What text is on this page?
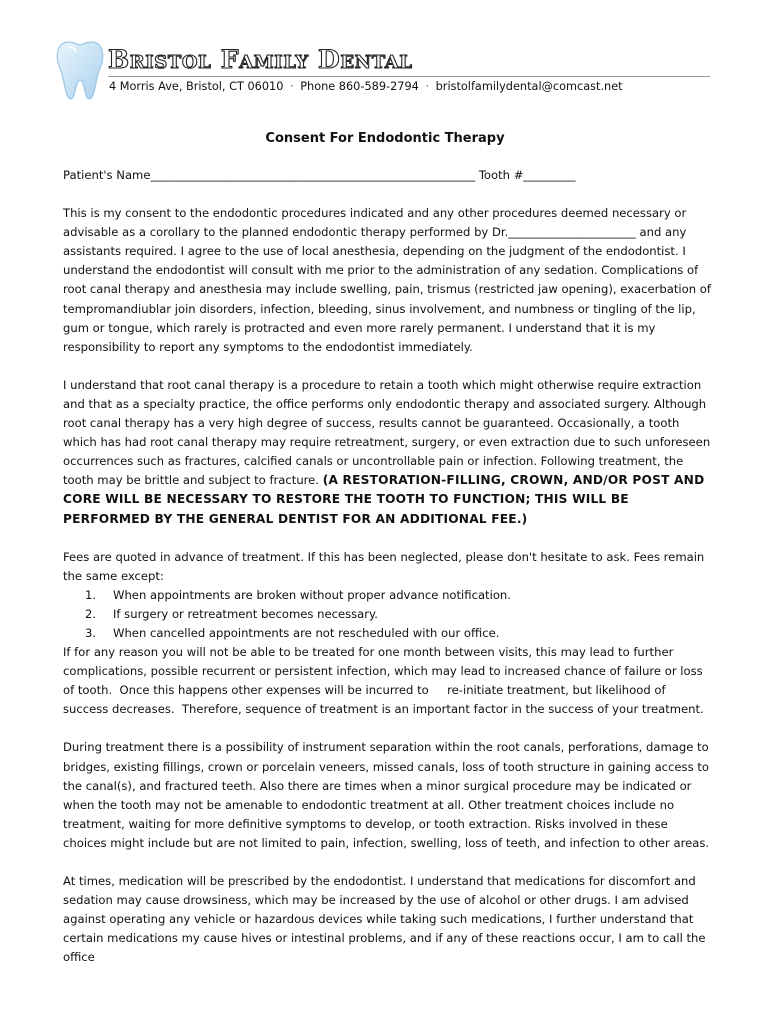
Bristol Family Dental
4 Morris Ave, Bristol, CT 06010 · Phone 860-589-2794 · bristolfamilydental@comcast.net
Consent For Endodontic Therapy

Patient's Name________________________________________________________ Tooth #_________

This is my consent to the endodontic procedures indicated and any other procedures deemed necessary or advisable as a corollary to the planned endodontic therapy performed by Dr.______________________ and any assistants required. I agree to the use of local anesthesia, depending on the judgment of the endodontist. I understand the endodontist will consult with me prior to the administration of any sedation. Complications of root canal therapy and anesthesia may include swelling, pain, trismus (restricted jaw opening), exacerbation of tempromandiublar join disorders, infection, bleeding, sinus involvement, and numbness or tingling of the lip, gum or tongue, which rarely is protracted and even more rarely permanent. I understand that it is my responsibility to report any symptoms to the endodontist immediately.

I understand that root canal therapy is a procedure to retain a tooth which might otherwise require extraction and that as a specialty practice, the office performs only endodontic therapy and associated surgery. Although root canal therapy has a very high degree of success, results cannot be guaranteed. Occasionally, a tooth which has had root canal therapy may require retreatment, surgery, or even extraction due to such unforeseen occurrences such as fractures, calcified canals or uncontrollable pain or infection. Following treatment, the tooth may be brittle and subject to fracture. (A RESTORATION-FILLING, CROWN, AND/OR POST AND CORE WILL BE NECESSARY TO RESTORE THE TOOTH TO FUNCTION; THIS WILL BE PERFORMED BY THE GENERAL DENTIST FOR AN ADDITIONAL FEE.)

Fees are quoted in advance of treatment. If this has been neglected, please don't hesitate to ask. Fees remain the same except:

1.	When appointments are broken without proper advance notification.
2.	If surgery or retreatment becomes necessary.
3.	When cancelled appointments are not rescheduled with our office.

If for any reason you will not be able to be treated for one month between visits, this may lead to further complications, possible recurrent or persistent infection, which may lead to increased chance of failure or loss of tooth.  Once this happens other expenses will be incurred to     re-initiate treatment, but likelihood of success decreases.  Therefore, sequence of treatment is an important factor in the success of your treatment.

During treatment there is a possibility of instrument separation within the root canals, perforations, damage to bridges, existing fillings, crown or porcelain veneers, missed canals, loss of tooth structure in gaining access to the canal(s), and fractured teeth. Also there are times when a minor surgical procedure may be indicated or when the tooth may not be amenable to endodontic treatment at all. Other treatment choices include no treatment, waiting for more definitive symptoms to develop, or tooth extraction. Risks involved in these choices might include but are not limited to pain, infection, swelling, loss of teeth, and infection to other areas.

At times, medication will be prescribed by the endodontist. I understand that medications for discomfort and sedation may cause drowsiness, which may be increased by the use of alcohol or other drugs. I am advised against operating any vehicle or hazardous devices while taking such medications, I further understand that certain medications my cause hives or intestinal problems, and if any of these reactions occur, I am to call the office
